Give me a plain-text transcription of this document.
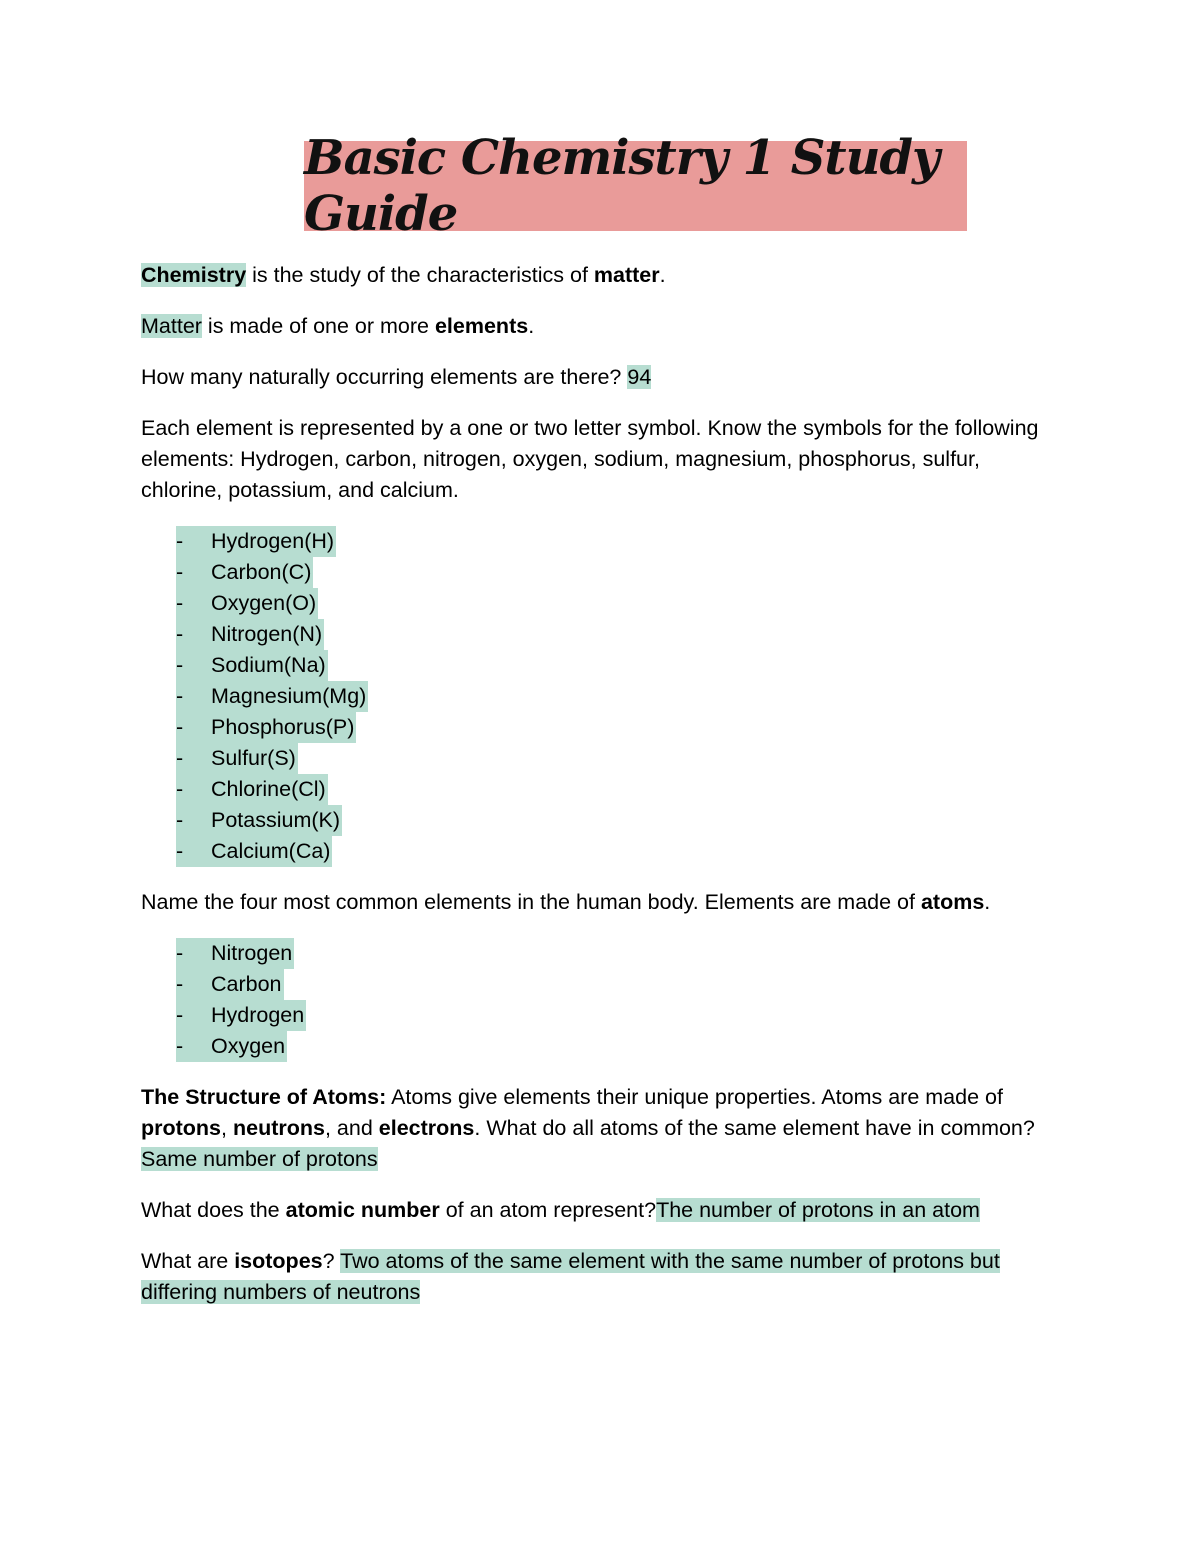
Basic Chemistry 1 Study Guide

Chemistry is the study of the characteristics of matter.

Matter is made of one or more elements.

How many naturally occurring elements are there? 94

Each element is represented by a one or two letter symbol. Know the symbols for the following elements: Hydrogen, carbon, nitrogen, oxygen, sodium, magnesium, phosphorus, sulfur, chlorine, potassium, and calcium.

- Hydrogen(H)
- Carbon(C)
- Oxygen(O)
- Nitrogen(N)
- Sodium(Na)
- Magnesium(Mg)
- Phosphorus(P)
- Sulfur(S)
- Chlorine(Cl)
- Potassium(K)
- Calcium(Ca)

Name the four most common elements in the human body. Elements are made of atoms.

- Nitrogen
- Carbon
- Hydrogen
- Oxygen

The Structure of Atoms: Atoms give elements their unique properties. Atoms are made of protons, neutrons, and electrons. What do all atoms of the same element have in common? Same number of protons

What does the atomic number of an atom represent?The number of protons in an atom

What are isotopes? Two atoms of the same element with the same number of protons but differing numbers of neutrons
